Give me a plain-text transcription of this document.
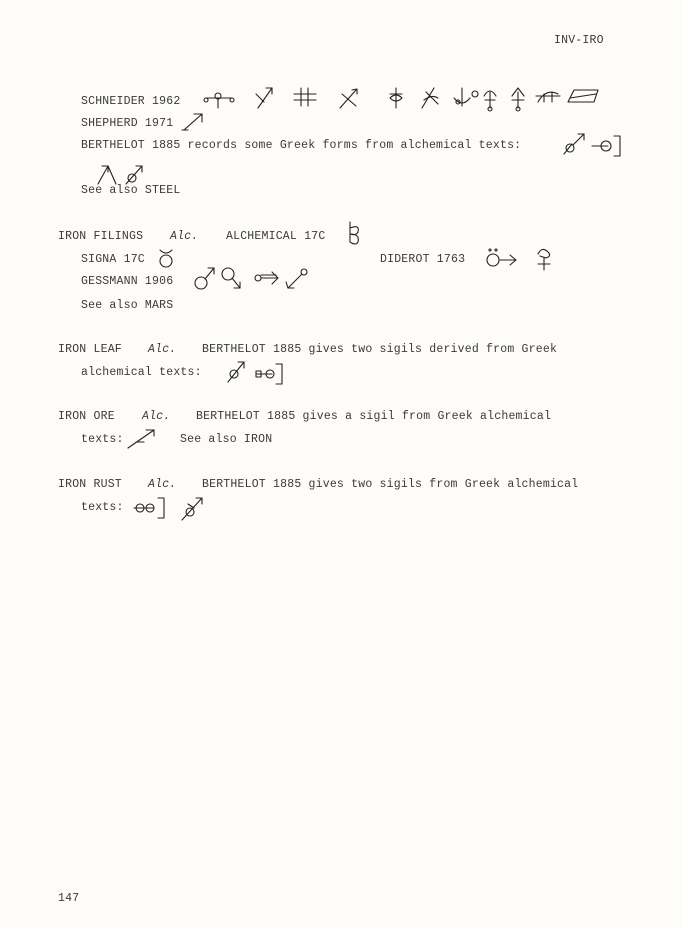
INV-IRO
SCHNEIDER 1962
SHEPHERD 1971
BERTHELOT 1885 records some Greek forms from alchemical texts:
See also STEEL
IRON FILINGS Alc. ALCHEMICAL 17C
SIGNA 17C	DIDEROT 1763
GESSMANN 1906
See also MARS
IRON LEAF Alc. BERTHELOT 1885 gives two sigils derived from Greek
alchemical texts:
IRON ORE Alc. BERTHELOT 1885 gives a sigil from Greek alchemical
texts:	See also IRON
IRON RUST Alc. BERTHELOT 1885 gives two sigils from Greek alchemical
texts:
147
